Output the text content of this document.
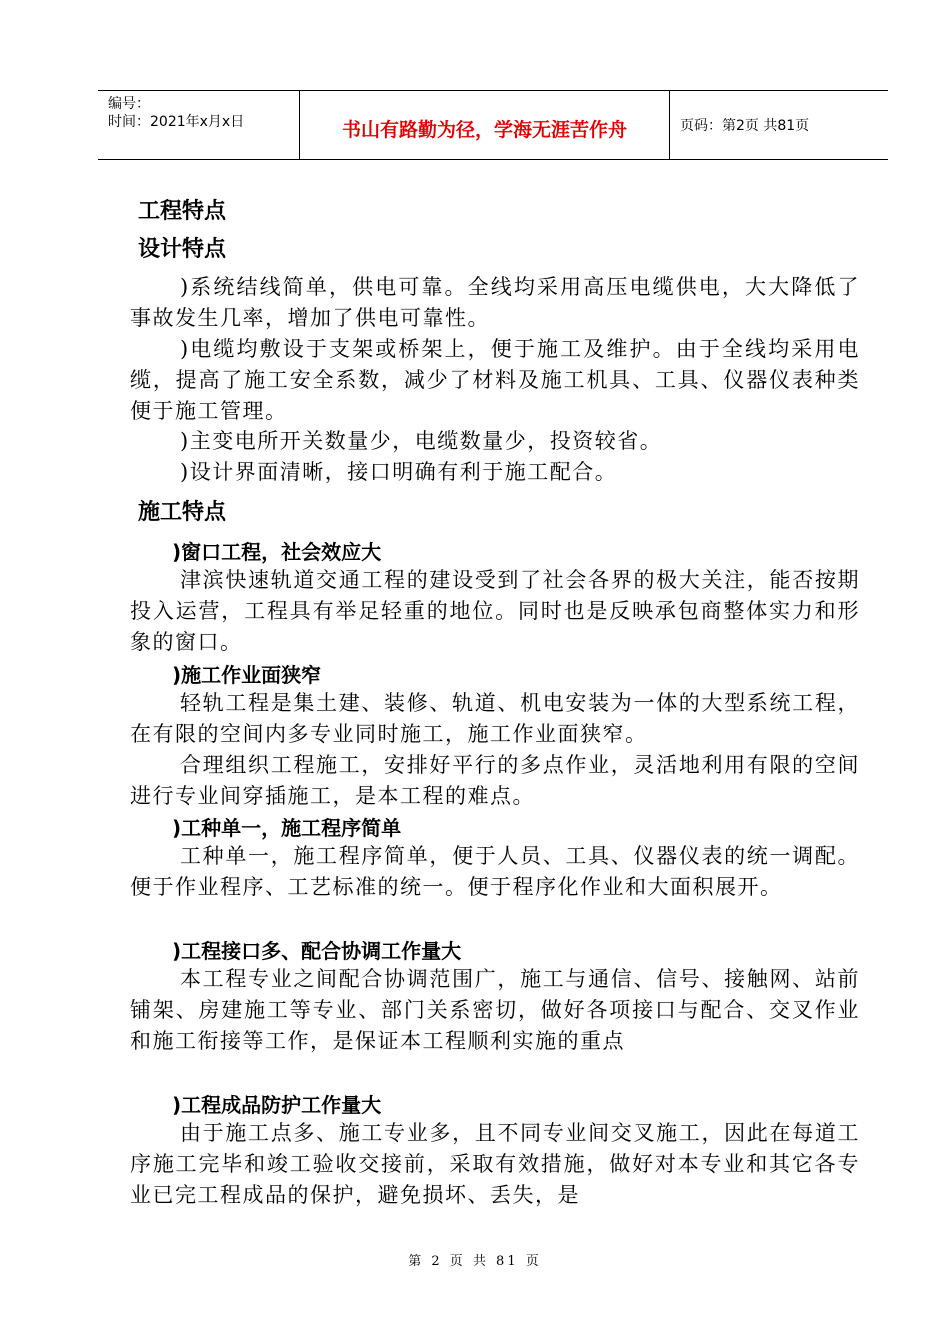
编号：
时间：2021年x月x日	书山有路勤为径，学海无涯苦作舟	页码：第2页 共81页
工程特点
设计特点
)系统结线简单，供电可靠。全线均采用高压电缆供电，大大降低了事故发生几率，增加了供电可靠性。
)电缆均敷设于支架或桥架上，便于施工及维护。由于全线均采用电缆，提高了施工安全系数，减少了材料及施工机具、工具、仪器仪表种类便于施工管理。
)主变电所开关数量少，电缆数量少，投资较省。
)设计界面清晰，接口明确有利于施工配合。
施工特点
)窗口工程，社会效应大
津滨快速轨道交通工程的建设受到了社会各界的极大关注，能否按期投入运营，工程具有举足轻重的地位。同时也是反映承包商整体实力和形象的窗口。
)施工作业面狭窄
轻轨工程是集土建、装修、轨道、机电安装为一体的大型系统工程，在有限的空间内多专业同时施工，施工作业面狭窄。
合理组织工程施工，安排好平行的多点作业，灵活地利用有限的空间进行专业间穿插施工，是本工程的难点。
)工种单一，施工程序简单
工种单一，施工程序简单，便于人员、工具、仪器仪表的统一调配。便于作业程序、工艺标准的统一。便于程序化作业和大面积展开。
)工程接口多、配合协调工作量大
本工程专业之间配合协调范围广，施工与通信、信号、接触网、站前铺架、房建施工等专业、部门关系密切，做好各项接口与配合、交叉作业和施工衔接等工作，是保证本工程顺利实施的重点
)工程成品防护工作量大
由于施工点多、施工专业多，且不同专业间交叉施工，因此在每道工序施工完毕和竣工验收交接前，采取有效措施，做好对本专业和其它各专业已完工程成品的保护，避免损坏、丢失，是
第 2 页 共 81 页
